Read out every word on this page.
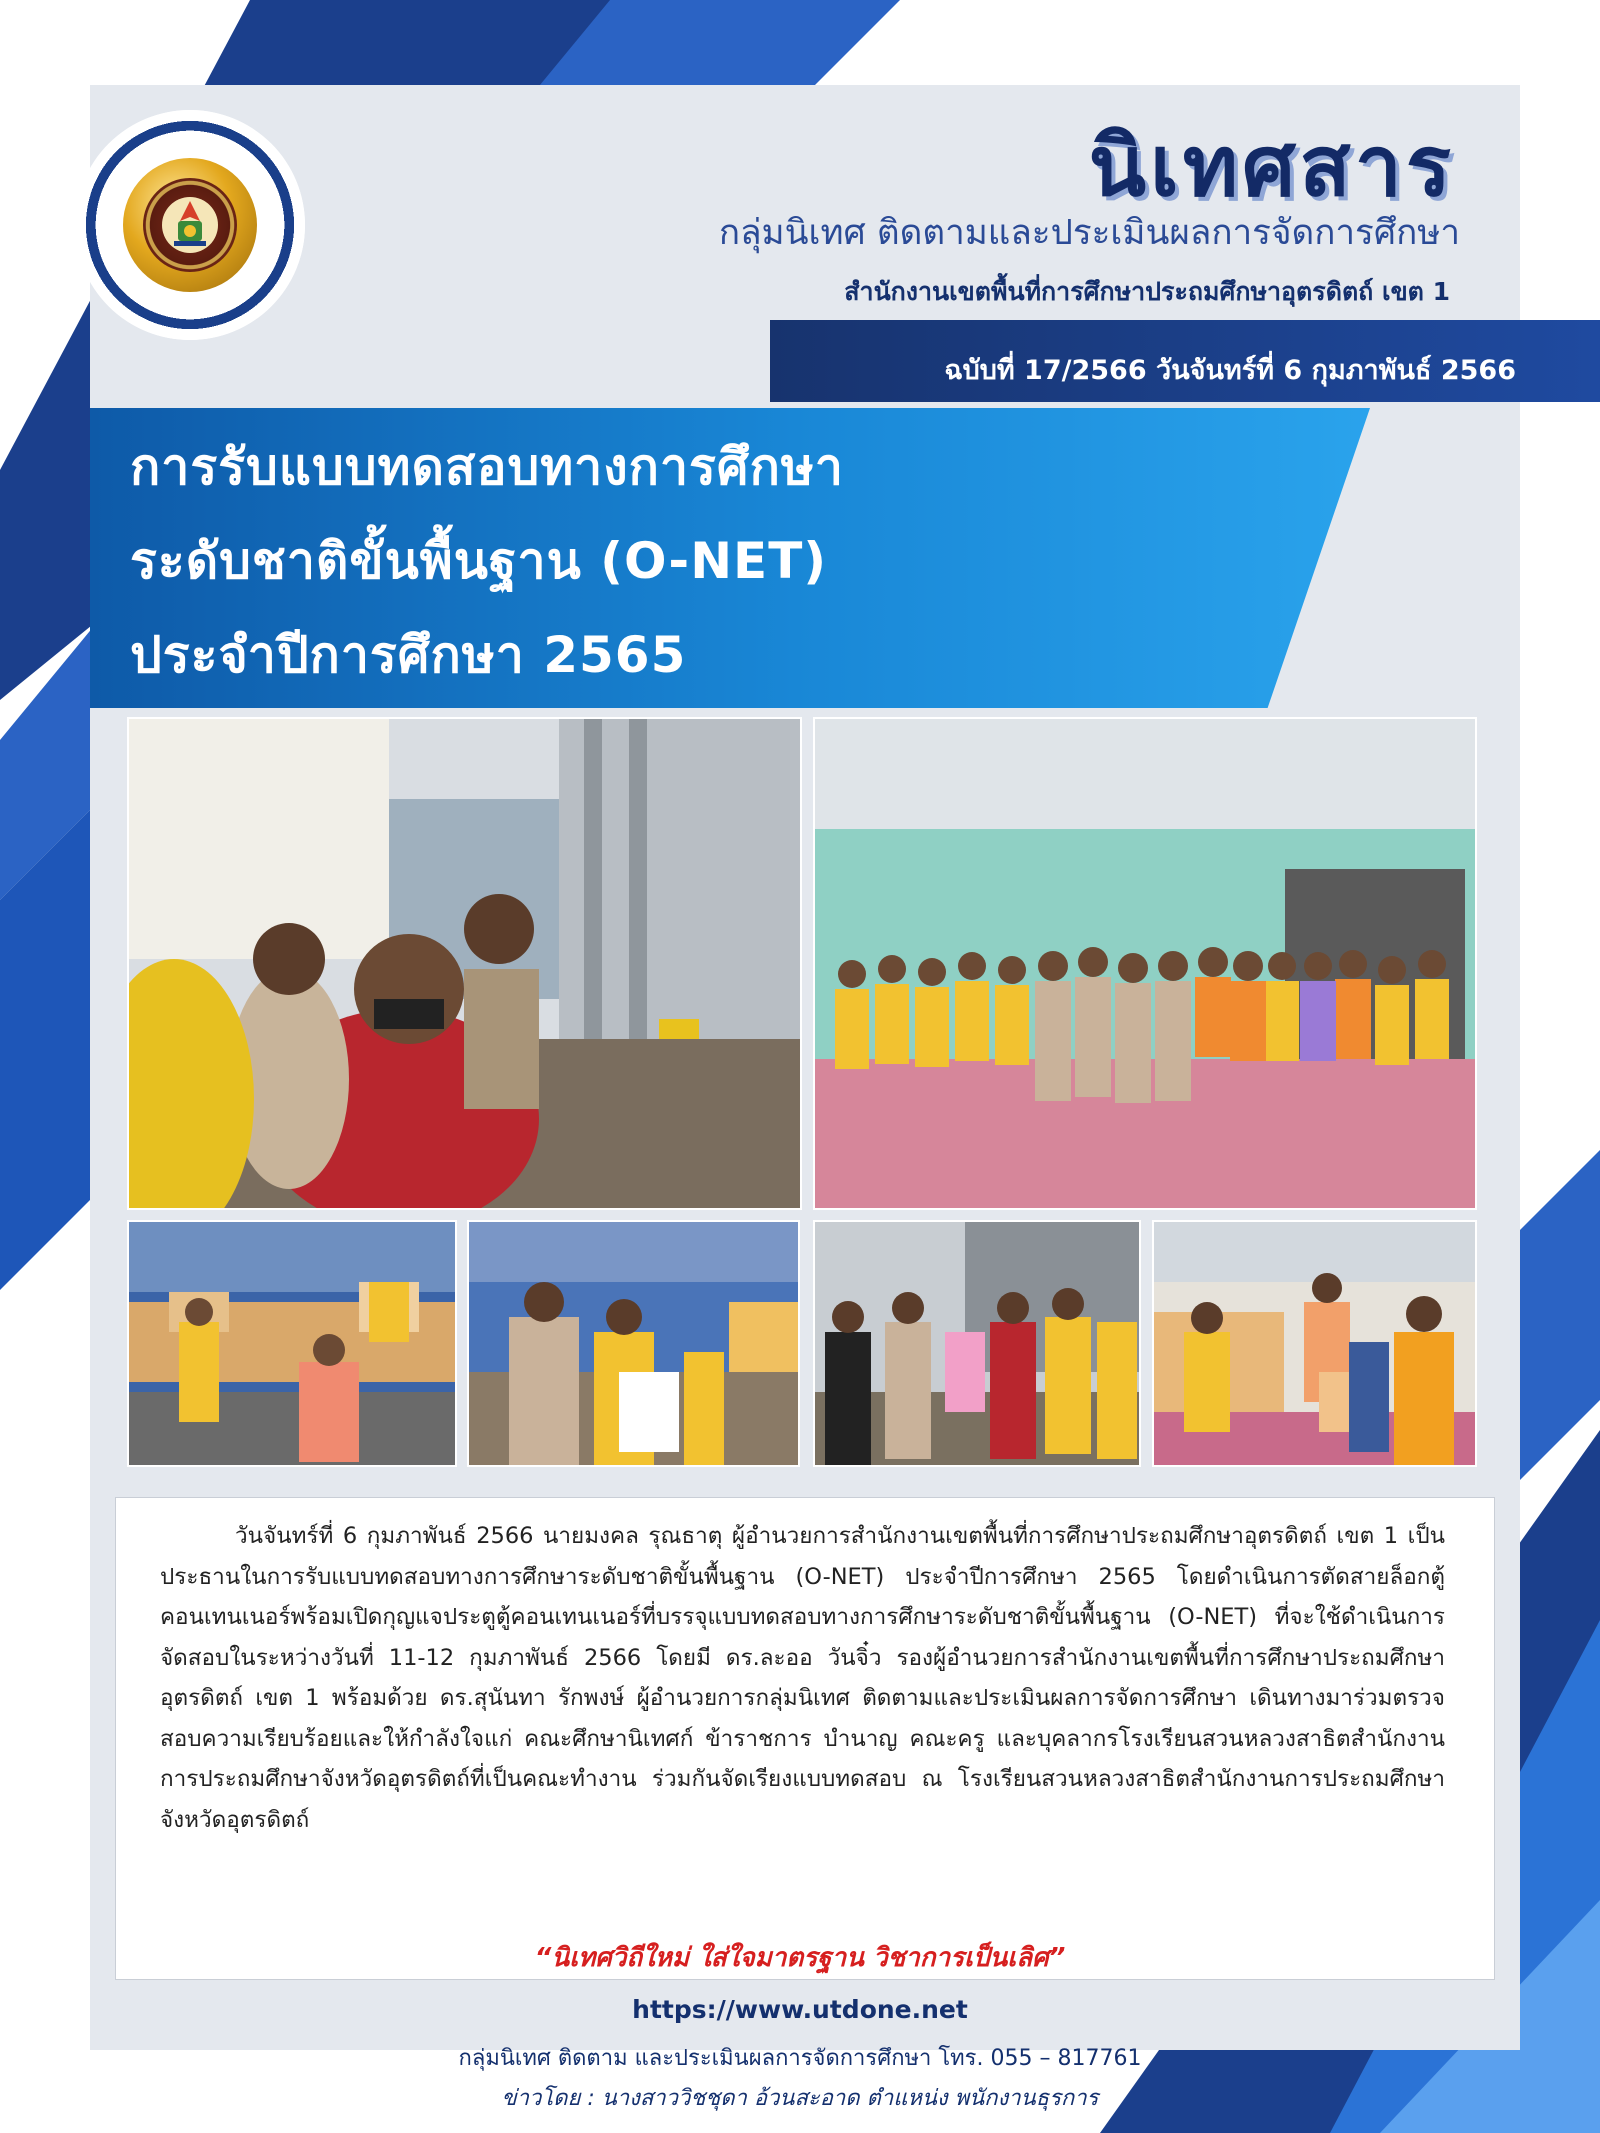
นิเทศสาร

กลุ่มนิเทศ ติดตามและประเมินผลการจัดการศึกษา

สำนักงานเขตพื้นที่การศึกษาประถมศึกษาอุตรดิตถ์ เขต 1

ฉบับที่ 17/2566 วันจันทร์ที่ 6 กุมภาพันธ์ 2566

การรับแบบทดสอบทางการศึกษา
ระดับชาติขั้นพื้นฐาน (O-NET)
ประจำปีการศึกษา 2565

วันจันทร์ที่ 6 กุมภาพันธ์ 2566 นายมงคล รุณธาตุ ผู้อำนวยการสำนักงานเขตพื้นที่การศึกษาประถมศึกษาอุตรดิตถ์ เขต 1 เป็นประธานในการรับแบบทดสอบทางการศึกษาระดับชาติขั้นพื้นฐาน (O-NET) ประจำปีการศึกษา 2565 โดยดำเนินการตัดสายล็อกตู้คอนเทนเนอร์พร้อมเปิดกุญแจประตูตู้คอนเทนเนอร์ที่บรรจุแบบทดสอบทางการศึกษาระดับชาติขั้นพื้นฐาน (O-NET) ที่จะใช้ดำเนินการจัดสอบในระหว่างวันที่ 11-12 กุมภาพันธ์ 2566 โดยมี ดร.ละออ วันจิ๋ว รองผู้อำนวยการสำนักงานเขตพื้นที่การศึกษาประถมศึกษาอุตรดิตถ์ เขต 1 พร้อมด้วย ดร.สุนันทา รักพงษ์ ผู้อำนวยการกลุ่มนิเทศ ติดตามและประเมินผลการจัดการศึกษา เดินทางมาร่วมตรวจสอบความเรียบร้อยและให้กำลังใจแก่ คณะศึกษานิเทศก์ ข้าราชการ บำนาญ คณะครู และบุคลากรโรงเรียนสวนหลวงสาธิตสำนักงานการประถมศึกษาจังหวัดอุตรดิตถ์ที่เป็นคณะทำงาน ร่วมกันจัดเรียงแบบทดสอบ ณ โรงเรียนสวนหลวงสาธิตสำนักงานการประถมศึกษาจังหวัดอุตรดิตถ์

“นิเทศวิถีใหม่ ใส่ใจมาตรฐาน วิชาการเป็นเลิศ”

https://www.utdone.net

กลุ่มนิเทศ ติดตาม และประเมินผลการจัดการศึกษา โทร. 055 – 817761

ข่าวโดย : นางสาววิชชุดา อ้วนสะอาด ตำแหน่ง พนักงานธุรการ
